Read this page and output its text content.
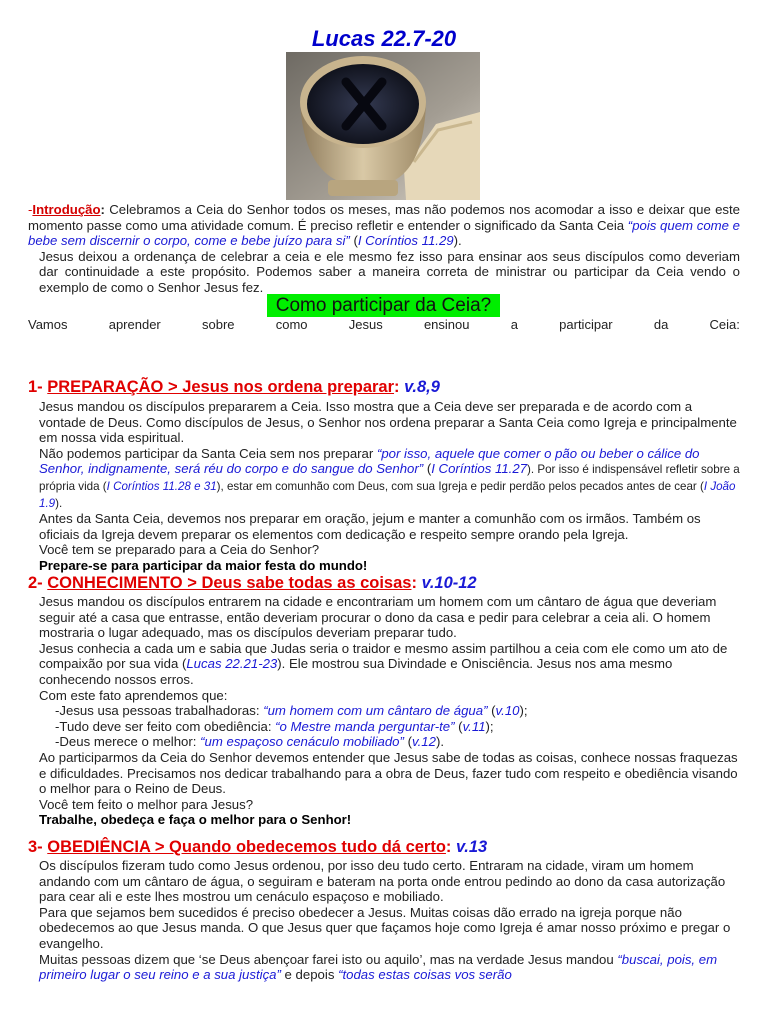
Lucas 22.7-20
-Introdução: Celebramos a Ceia do Senhor todos os meses, mas não podemos nos acomodar a isso e deixar que este momento passe como uma atividade comum. É preciso refletir e entender o significado da Santa Ceia “pois quem come e bebe sem discernir o corpo, come e bebe juízo para si” (I Coríntios 11.29).
Jesus deixou a ordenança de celebrar a ceia e ele mesmo fez isso para ensinar aos seus discípulos como deveriam dar continuidade a este propósito. Podemos saber a maneira correta de ministrar ou participar da Ceia vendo o exemplo de como o Senhor Jesus fez.
Como participar da Ceia?
Vamos	aprender	sobre	como	Jesus	ensinou	a	participar	da	Ceia:
1- PREPARAÇÃO > Jesus nos ordena preparar: v.8,9
Jesus mandou os discípulos prepararem a Ceia. Isso mostra que a Ceia deve ser preparada e de acordo com a vontade de Deus. Como discípulos de Jesus, o Senhor nos ordena preparar a Santa Ceia como Igreja e principalmente em nossa vida espiritual.
Não podemos participar da Santa Ceia sem nos preparar “por isso, aquele que comer o pão ou beber o cálice do Senhor, indignamente, será réu do corpo e do sangue do Senhor” (I Coríntios 11.27). Por isso é indispensável refletir sobre a própria vida (I Coríntios 11.28 e 31), estar em comunhão com Deus, com sua Igreja e pedir perdão pelos pecados antes de cear (I João 1.9).
Antes da Santa Ceia, devemos nos preparar em oração, jejum e manter a comunhão com os irmãos. Também os oficiais da Igreja devem preparar os elementos com dedicação e respeito sempre orando pela Igreja.
Você tem se preparado para a Ceia do Senhor?
Prepare-se para participar da maior festa do mundo!
2- CONHECIMENTO > Deus sabe todas as coisas: v.10-12
Jesus mandou os discípulos entrarem na cidade e encontrariam um homem com um cântaro de água que deveriam seguir até a casa que entrasse, então deveriam procurar o dono da casa e pedir para celebrar a ceia ali. O homem mostraria o lugar adequado, mas os discípulos deveriam preparar tudo.
Jesus conhecia a cada um e sabia que Judas seria o traidor e mesmo assim partilhou a ceia com ele como um ato de compaixão por sua vida (Lucas 22.21-23). Ele mostrou sua Divindade e Onisciência. Jesus nos ama mesmo conhecendo nossos erros.
Com este fato aprendemos que:
-Jesus usa pessoas trabalhadoras: “um homem com um cântaro de água” (v.10);
-Tudo deve ser feito com obediência: “o Mestre manda perguntar-te” (v.11);
-Deus merece o melhor: “um espaçoso cenáculo mobiliado” (v.12).
Ao participarmos da Ceia do Senhor devemos entender que Jesus sabe de todas as coisas, conhece nossas fraquezas e dificuldades. Precisamos nos dedicar trabalhando para a obra de Deus, fazer tudo com respeito e obediência visando o melhor para o Reino de Deus.
Você tem feito o melhor para Jesus?
Trabalhe, obedeça e faça o melhor para o Senhor!
3- OBEDIÊNCIA > Quando obedecemos tudo dá certo: v.13
Os discípulos fizeram tudo como Jesus ordenou, por isso deu tudo certo. Entraram na cidade, viram um homem andando com um cântaro de água, o seguiram e bateram na porta onde entrou pedindo ao dono da casa autorização para cear ali e este lhes mostrou um cenáculo espaçoso e mobiliado.
Para que sejamos bem sucedidos é preciso obedecer a Jesus. Muitas coisas dão errado na igreja porque não obedecemos ao que Jesus manda. O que Jesus quer que façamos hoje como Igreja é amar nosso próximo e pregar o evangelho.
Muitas pessoas dizem que ‘se Deus abençoar farei isto ou aquilo’, mas na verdade Jesus mandou “buscai, pois, em primeiro lugar o seu reino e a sua justiça” e depois “todas estas coisas vos serão
